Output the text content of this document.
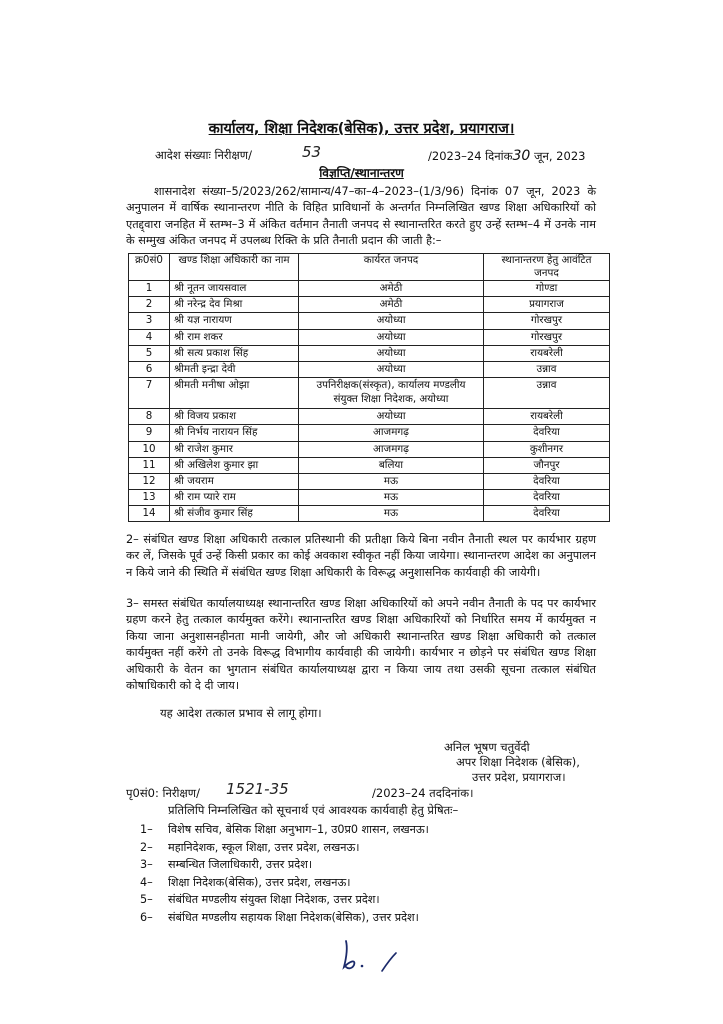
कार्यालय, शिक्षा निदेशक(बेसिक), उत्तर प्रदेश, प्रयागराज।
आदेश संख्याः निरीक्षण/	53	/2023–24 दिनांक30 जून, 2023
विज्ञप्ति/स्थानान्तरण
शासनादेश संख्या–5/2023/262/सामान्य/47–का–4–2023–(1/3/96) दिनांक 07 जून, 2023 के अनुपालन में वार्षिक स्थानान्तरण नीति के विहित प्राविधानों के अन्तर्गत निम्नलिखित खण्ड शिक्षा अधिकारियों को एतद्द्वारा जनहित में स्तम्भ–3 में अंकित वर्तमान तैनाती जनपद से स्थानान्तरित करते हुए उन्हें स्तम्भ–4 में उनके नाम के सम्मुख अंकित जनपद में उपलब्ध रिक्ति के प्रति तैनाती प्रदान की जाती है:–
क्र0सं0	खण्ड शिक्षा अधिकारी का नाम	कार्यरत जनपद	स्थानान्तरण हेतु आवंटित जनपद
1	श्री नूतन जायसवाल	अमेठी	गोण्डा
2	श्री नरेन्द्र देव मिश्रा	अमेठी	प्रयागराज
3	श्री यज्ञ नारायण	अयोध्या	गोरखपुर
4	श्री राम शकर	अयोध्या	गोरखपुर
5	श्री सत्य प्रकाश सिंह	अयोध्या	रायबरेली
6	श्रीमती इन्द्रा देवी	अयोध्या	उन्नाव
7	श्रीमती मनीषा ओझा	उपनिरीक्षक(संस्कृत), कार्यालय मण्डलीय संयुक्त शिक्षा निदेशक, अयोध्या	उन्नाव
8	श्री विजय प्रकाश	अयोध्या	रायबरेली
9	श्री निर्भय नारायन सिंह	आजमगढ़	देवरिया
10	श्री राजेश कुमार	आजमगढ़	कुशीनगर
11	श्री अखिलेश कुमार झा	बलिया	जौनपुर
12	श्री जयराम	मऊ	देवरिया
13	श्री राम प्यारे राम	मऊ	देवरिया
14	श्री संजीव कुमार सिंह	मऊ	देवरिया
2– संबंधित खण्ड शिक्षा अधिकारी तत्काल प्रतिस्थानी की प्रतीक्षा किये बिना नवीन तैनाती स्थल पर कार्यभार ग्रहण कर लें, जिसके पूर्व उन्हें किसी प्रकार का कोई अवकाश स्वीकृत नहीं किया जायेगा। स्थानान्तरण आदेश का अनुपालन न किये जाने की स्थिति में संबंधित खण्ड शिक्षा अधिकारी के विरूद्ध अनुशासनिक कार्यवाही की जायेगी।
3– समस्त संबंधित कार्यालयाध्यक्ष स्थानान्तरित खण्ड शिक्षा अधिकारियों को अपने नवीन तैनाती के पद पर कार्यभार ग्रहण करने हेतु तत्काल कार्यमुक्त करेंगे। स्थानान्तरित खण्ड शिक्षा अधिकारियों को निर्धारित समय में कार्यमुक्त न किया जाना अनुशासनहीनता मानी जायेगी, और जो अधिकारी स्थानान्तरित खण्ड शिक्षा अधिकारी को तत्काल कार्यमुक्त नहीं करेंगे तो उनके विरूद्ध विभागीय कार्यवाही की जायेगी। कार्यभार न छोड़ने पर संबंधित खण्ड शिक्षा अधिकारी के वेतन का भुगतान संबंधित कार्यालयाध्यक्ष द्वारा न किया जाय तथा उसकी सूचना तत्काल संबंधित कोषाधिकारी को दे दी जाय।
यह आदेश तत्काल प्रभाव से लागू होगा।
अनिल भूषण चतुर्वेदी
अपर शिक्षा निदेशक (बेसिक),
उत्तर प्रदेश, प्रयागराज।
पृ0सं0: निरीक्षण/ 1521-35	/2023–24 तददिनांक।
प्रतिलिपि निम्नलिखित को सूचनार्थ एवं आवश्यक कार्यवाही हेतु प्रेषितः–
1– विशेष सचिव, बेसिक शिक्षा अनुभाग–1, उ0प्र0 शासन, लखनऊ।
2– महानिदेशक, स्कूल शिक्षा, उत्तर प्रदेश, लखनऊ।
3– सम्बन्धित जिलाधिकारी, उत्तर प्रदेश।
4– शिक्षा निदेशक(बेसिक), उत्तर प्रदेश, लखनऊ।
5– संबंधित मण्डलीय संयुक्त शिक्षा निदेशक, उत्तर प्रदेश।
6– संबंधित मण्डलीय सहायक शिक्षा निदेशक(बेसिक), उत्तर प्रदेश।
